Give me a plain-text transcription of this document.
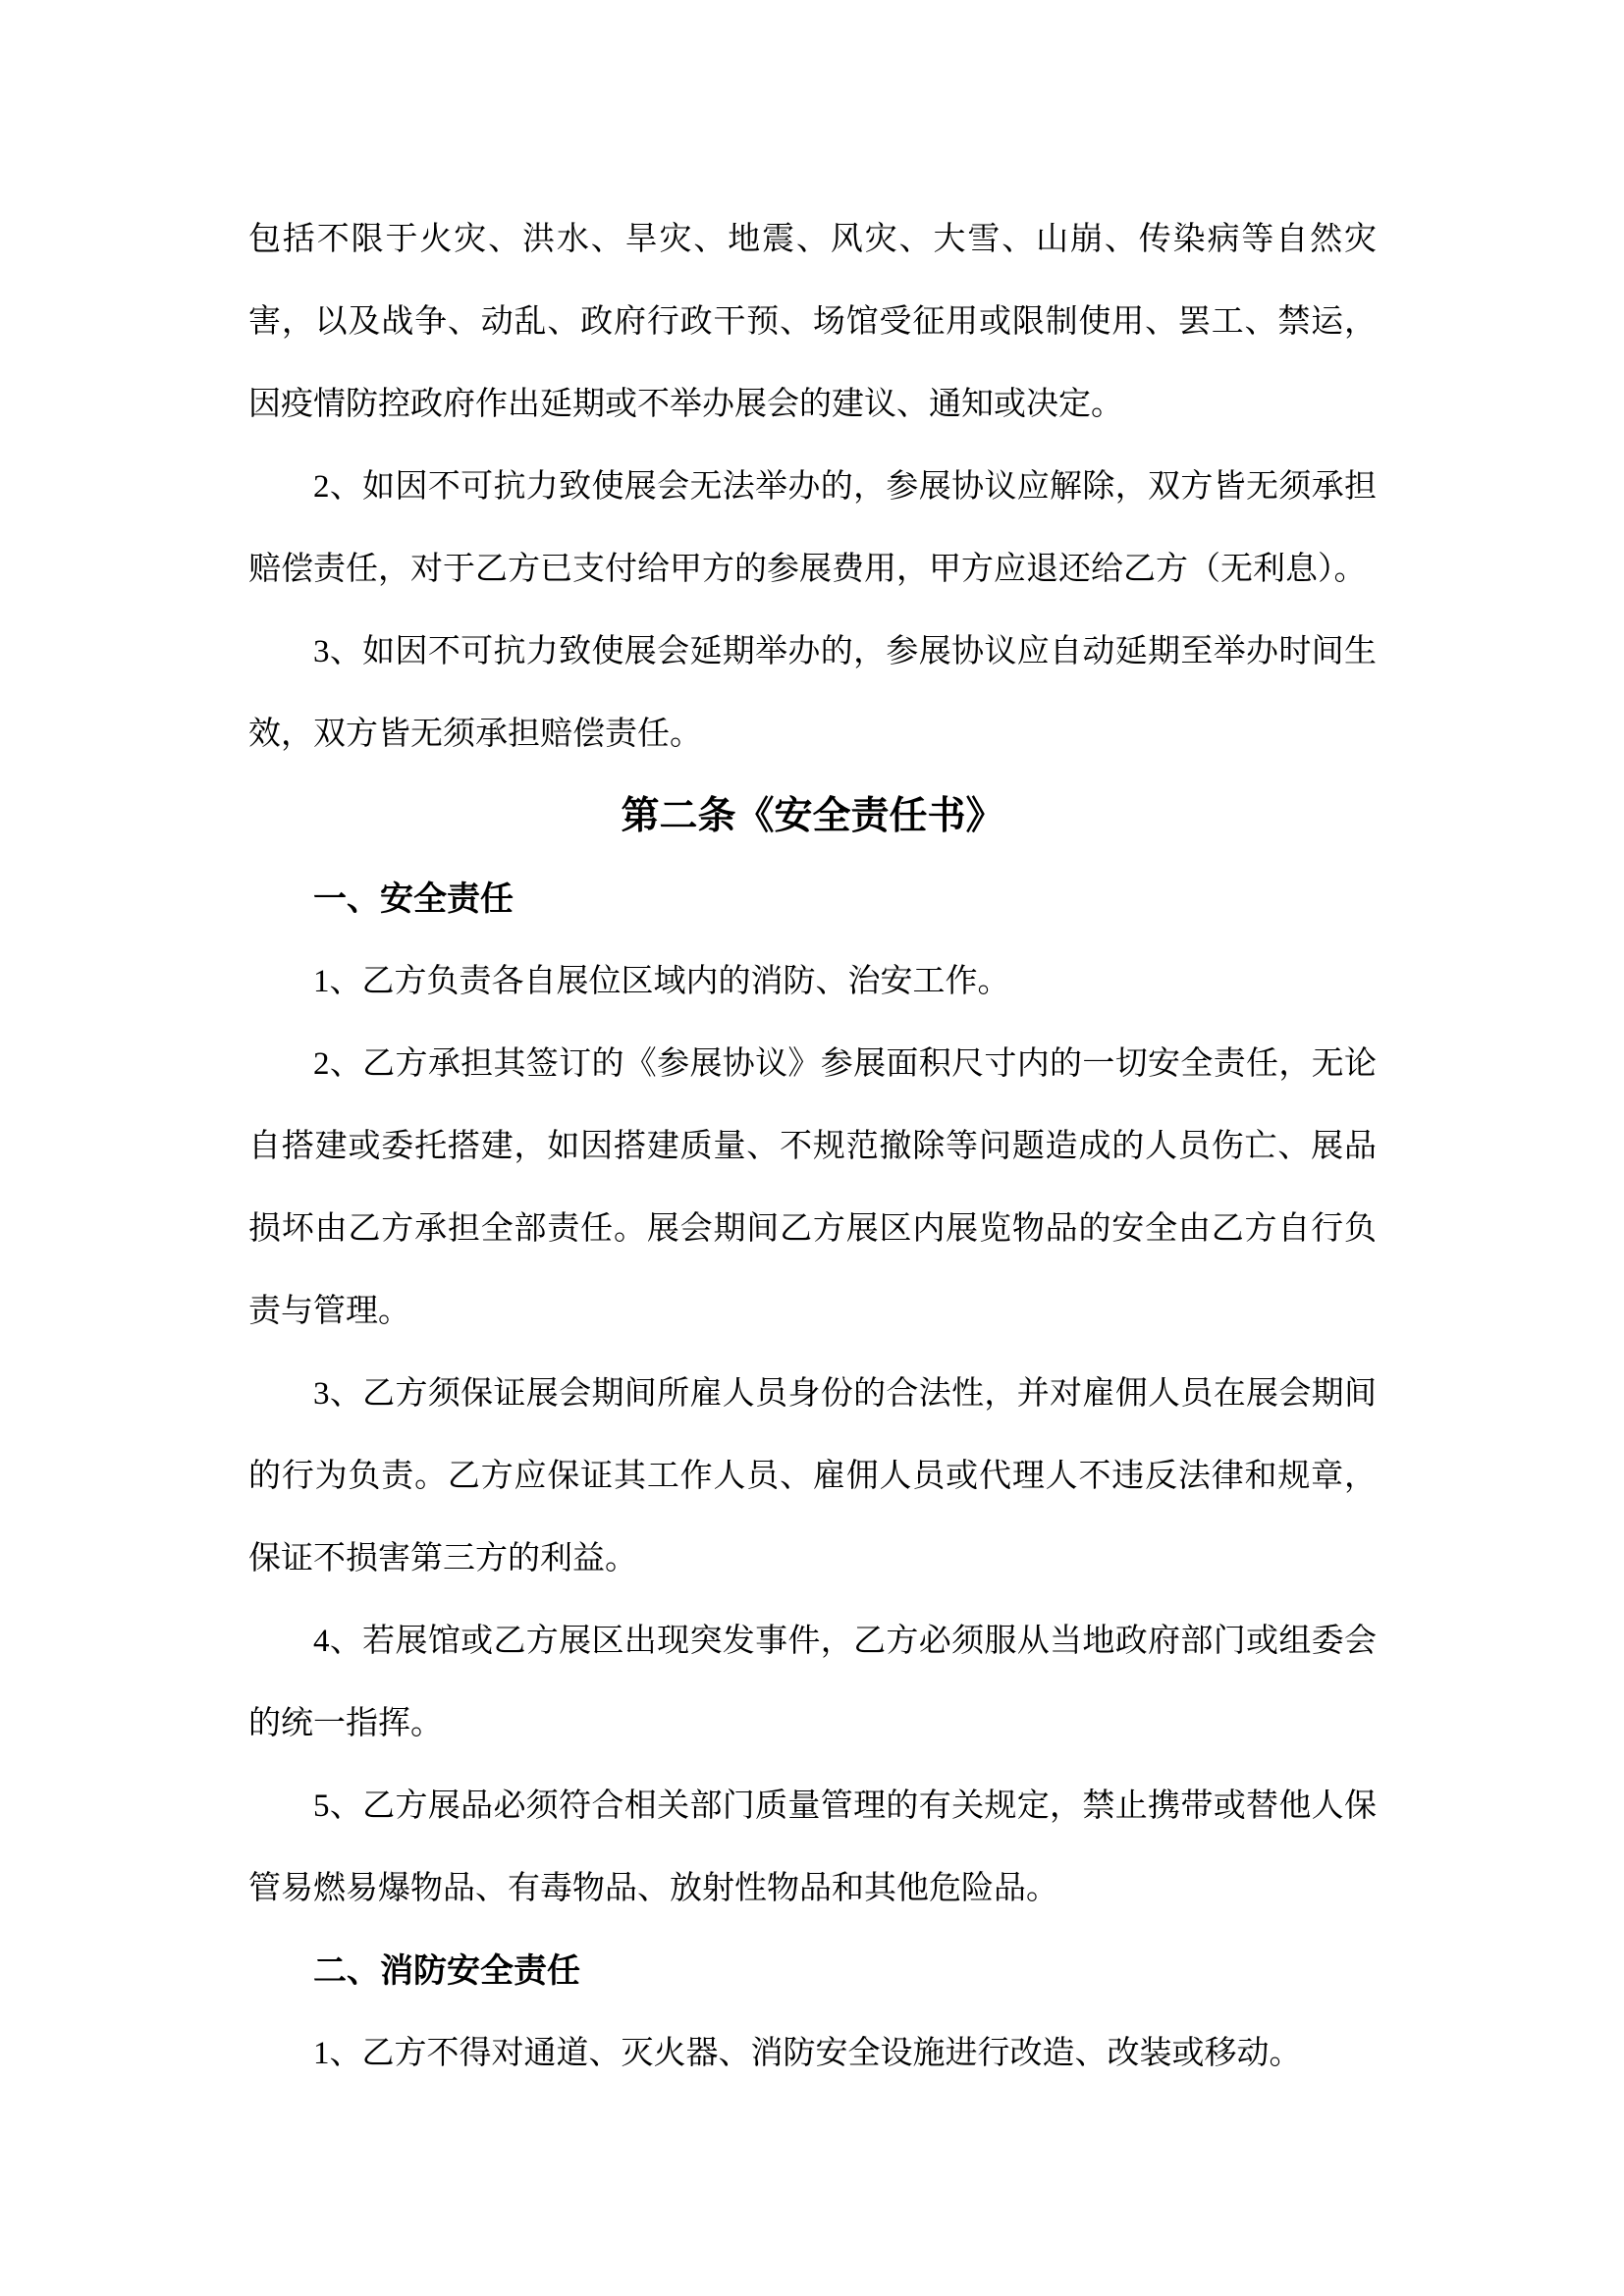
包括不限于火灾、洪水、旱灾、地震、风灾、大雪、山崩、传染病等自然灾害，以及战争、动乱、政府行政干预、场馆受征用或限制使用、罢工、禁运，因疫情防控政府作出延期或不举办展会的建议、通知或决定。

2、如因不可抗力致使展会无法举办的，参展协议应解除，双方皆无须承担赔偿责任，对于乙方已支付给甲方的参展费用，甲方应退还给乙方（无利息）。

3、如因不可抗力致使展会延期举办的，参展协议应自动延期至举办时间生效，双方皆无须承担赔偿责任。

第二条《安全责任书》
一、安全责任

1、乙方负责各自展位区域内的消防、治安工作。

2、乙方承担其签订的《参展协议》参展面积尺寸内的一切安全责任，无论自搭建或委托搭建，如因搭建质量、不规范撤除等问题造成的人员伤亡、展品损坏由乙方承担全部责任。展会期间乙方展区内展览物品的安全由乙方自行负责与管理。

3、乙方须保证展会期间所雇人员身份的合法性，并对雇佣人员在展会期间的行为负责。乙方应保证其工作人员、雇佣人员或代理人不违反法律和规章，保证不损害第三方的利益。

4、若展馆或乙方展区出现突发事件，乙方必须服从当地政府部门或组委会的统一指挥。

5、乙方展品必须符合相关部门质量管理的有关规定，禁止携带或替他人保管易燃易爆物品、有毒物品、放射性物品和其他危险品。

二、消防安全责任

1、乙方不得对通道、灭火器、消防安全设施进行改造、改装或移动。
